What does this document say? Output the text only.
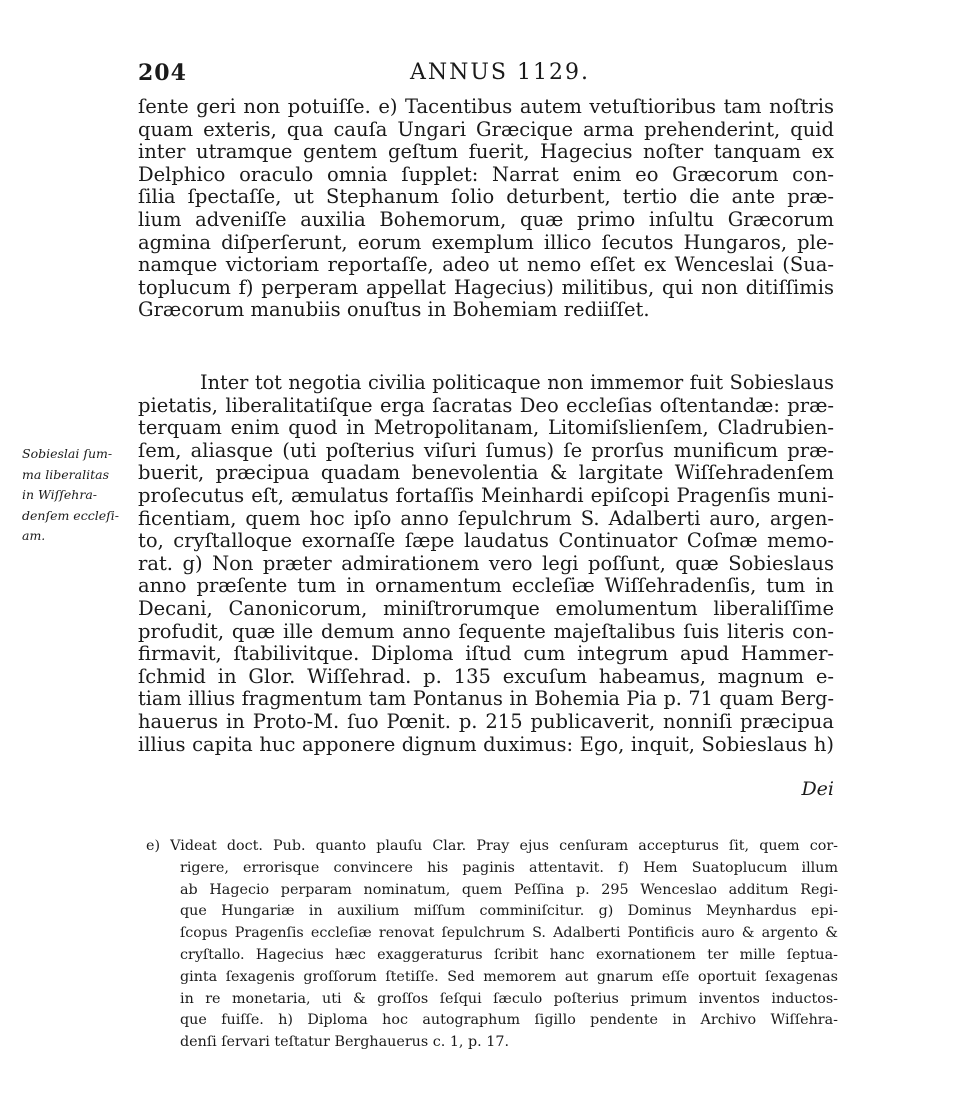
204	ANNUS 1129.
ſente geri non potuiſſe. e) Tacentibus autem vetuſtioribus tam noſtris
quam exteris, qua cauſa Ungari Græcique arma prehenderint, quid
inter utramque gentem geſtum fuerit, Hagecius noſter tanquam ex
Delphico oraculo omnia ſupplet: Narrat enim eo Græcorum con-
ſilia ſpectaſſe, ut Stephanum ſolio deturbent, tertio die ante præ-
lium adveniſſe auxilia Bohemorum, quæ primo inſultu Græcorum
agmina diſperſerunt, eorum exemplum illico ſecutos Hungaros, ple-
namque victoriam reportaſſe, adeo ut nemo eſſet ex Wenceslai (Sua-
toplucum f) perperam appellat Hagecius) militibus, qui non ditiſſimis
Græcorum manubiis onuſtus in Bohemiam rediiſſet.
Sobieslai ſum-
ma liberalitas
in Wiſſehra-
denſem eccleſi-
am.
Inter tot negotia civilia politicaque non immemor fuit Sobieslaus
pietatis, liberalitatiſque erga ſacratas Deo eccleſias oſtentandæ: præ-
terquam enim quod in Metropolitanam, Litomiſslienſem, Cladrubien-
ſem, aliasque (uti poſterius viſuri ſumus) ſe prorſus munificum præ-
buerit, præcipua quadam benevolentia & largitate Wiſſehradenſem
proſecutus eſt, æmulatus fortaſſis Meinhardi epiſcopi Pragenſis muni-
ficentiam, quem hoc ipſo anno ſepulchrum S. Adalberti auro, argen-
to, cryſtalloque exornaſſe ſæpe laudatus Continuator Coſmæ memo-
rat. g) Non præter admirationem vero legi poſſunt, quæ Sobieslaus
anno præſente tum in ornamentum eccleſiæ Wiſſehradenſis, tum in
Decani, Canonicorum, miniſtrorumque emolumentum liberaliſſime
profudit, quæ ille demum anno ſequente majeſtalibus ſuis literis con-
firmavit, ſtabilivitque. Diploma iſtud cum integrum apud Hammer-
ſchmid in Glor. Wiſſehrad. p. 135 excuſum habeamus, magnum e-
tiam illius fragmentum tam Pontanus in Bohemia Pia p. 71 quam Berg-
hauerus in Proto-M. ſuo Pœnit. p. 215 publicaverit, nonniſi præcipua
illius capita huc apponere dignum duximus: Ego, inquit, Sobieslaus h)
Dei
e) Videat doct. Pub. quanto plauſu Clar. Pray ejus cenſuram accepturus ſit, quem cor-
rigere, errorisque convincere his paginis attentavit. f) Hem Suatoplucum illum
ab Hagecio perparam nominatum, quem Peſſina p. 295 Wenceslao additum Regi-
que Hungariæ in auxilium miſſum comminiſcitur. g) Dominus Meynhardus epi-
ſcopus Pragenſis eccleſiæ renovat ſepulchrum S. Adalberti Pontificis auro & argento &
cryſtallo. Hagecius hæc exaggeraturus ſcribit hanc exornationem ter mille ſeptua-
ginta ſexagenis groſſorum ſtetiſſe. Sed memorem aut gnarum eſſe oportuit ſexagenas
in re monetaria, uti & groſſos ſeſqui ſæculo poſterius primum inventos inductos-
que fuiſſe. h) Diploma hoc autographum ſigillo pendente in Archivo Wiſſehra-
denſi ſervari teſtatur Berghauerus c. 1, p. 17.
